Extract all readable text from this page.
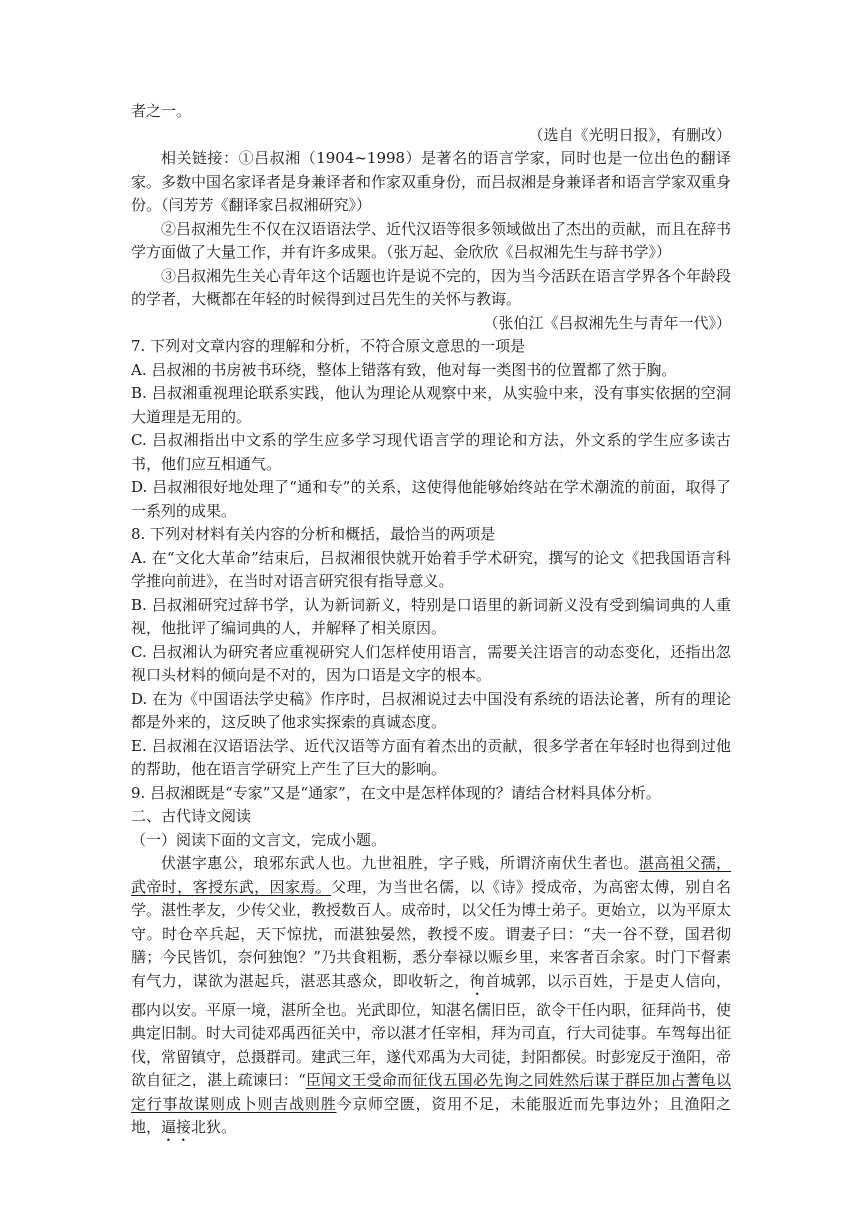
者之一。

（选自《光明日报》，有删改）

相关链接：①吕叔湘（1904~1998）是著名的语言学家，同时也是一位出色的翻译家。多数中国名家译者是身兼译者和作家双重身份，而吕叔湘是身兼译者和语言学家双重身份。（闫芳芳《翻译家吕叔湘研究》）

②吕叔湘先生不仅在汉语语法学、近代汉语等很多领域做出了杰出的贡献，而且在辞书学方面做了大量工作，并有许多成果。（张万起、金欣欣《吕叔湘先生与辞书学》）

③吕叔湘先生关心青年这个话题也许是说不完的，因为当今活跃在语言学界各个年龄段的学者，大概都在年轻的时候得到过吕先生的关怀与教诲。

（张伯江《吕叔湘先生与青年一代》）

7. 下列对文章内容的理解和分析，不符合原文意思的一项是

A. 吕叔湘的书房被书环绕，整体上错落有致，他对每一类图书的位置都了然于胸。

B. 吕叔湘重视理论联系实践，他认为理论从观察中来，从实验中来，没有事实依据的空洞大道理是无用的。

C. 吕叔湘指出中文系的学生应多学习现代语言学的理论和方法，外文系的学生应多读古书，他们应互相通气。

D. 吕叔湘很好地处理了“通和专”的关系，这使得他能够始终站在学术潮流的前面，取得了一系列的成果。

8. 下列对材料有关内容的分析和概括，最恰当的两项是

A. 在“文化大革命”结束后，吕叔湘很快就开始着手学术研究，撰写的论文《把我国语言科学推向前进》，在当时对语言研究很有指导意义。

B. 吕叔湘研究过辞书学，认为新词新义，特别是口语里的新词新义没有受到编词典的人重视，他批评了编词典的人，并解释了相关原因。

C. 吕叔湘认为研究者应重视研究人们怎样使用语言，需要关注语言的动态变化，还指出忽视口头材料的倾向是不对的，因为口语是文字的根本。

D. 在为《中国语法学史稿》作序时，吕叔湘说过去中国没有系统的语法论著，所有的理论都是外来的，这反映了他求实探索的真诚态度。

E. 吕叔湘在汉语语法学、近代汉语等方面有着杰出的贡献，很多学者在年轻时也得到过他的帮助，他在语言学研究上产生了巨大的影响。

9. 吕叔湘既是“专家”又是“通家”，在文中是怎样体现的？请结合材料具体分析。

二、古代诗文阅读

（一）阅读下面的文言文，完成小题。

伏湛字惠公，琅邪东武人也。九世祖胜，字子贱，所谓济南伏生者也。湛高祖父孺，武帝时，客授东武，因家焉。父理，为当世名儒，以《诗》授成帝，为高密太傅，别自名学。湛性孝友，少传父业，教授数百人。成帝时，以父任为博士弟子。更始立，以为平原太守。时仓卒兵起，天下惊扰，而湛独晏然，教授不废。谓妻子曰：“夫一谷不登，国君彻膳；今民皆饥，奈何独饱？”乃共食粗粝，悉分奉禄以赈乡里，来客者百余家。时门下督素有气力，谋欲为湛起兵，湛恶其惑众，即收斩之，徇首城郭，以示百姓，于是吏人信向，郡内以安。平原一境，湛所全也。光武即位，知湛名儒旧臣，欲令干任内职，征拜尚书，使典定旧制。时大司徒邓禹西征关中，帝以湛才任宰相，拜为司直，行大司徒事。车驾每出征伐，常留镇守，总摄群司。建武三年，遂代邓禹为大司徒，封阳都侯。时彭宠反于渔阳，帝欲自征之，湛上疏谏曰：“臣闻文王受命而征伐五国必先询之同姓然后谋于群臣加占蓍龟以定行事故谋则成卜则吉战则胜今京师空匮，资用不足，未能服近而先事边外；且渔阳之地，逼接北狄。
